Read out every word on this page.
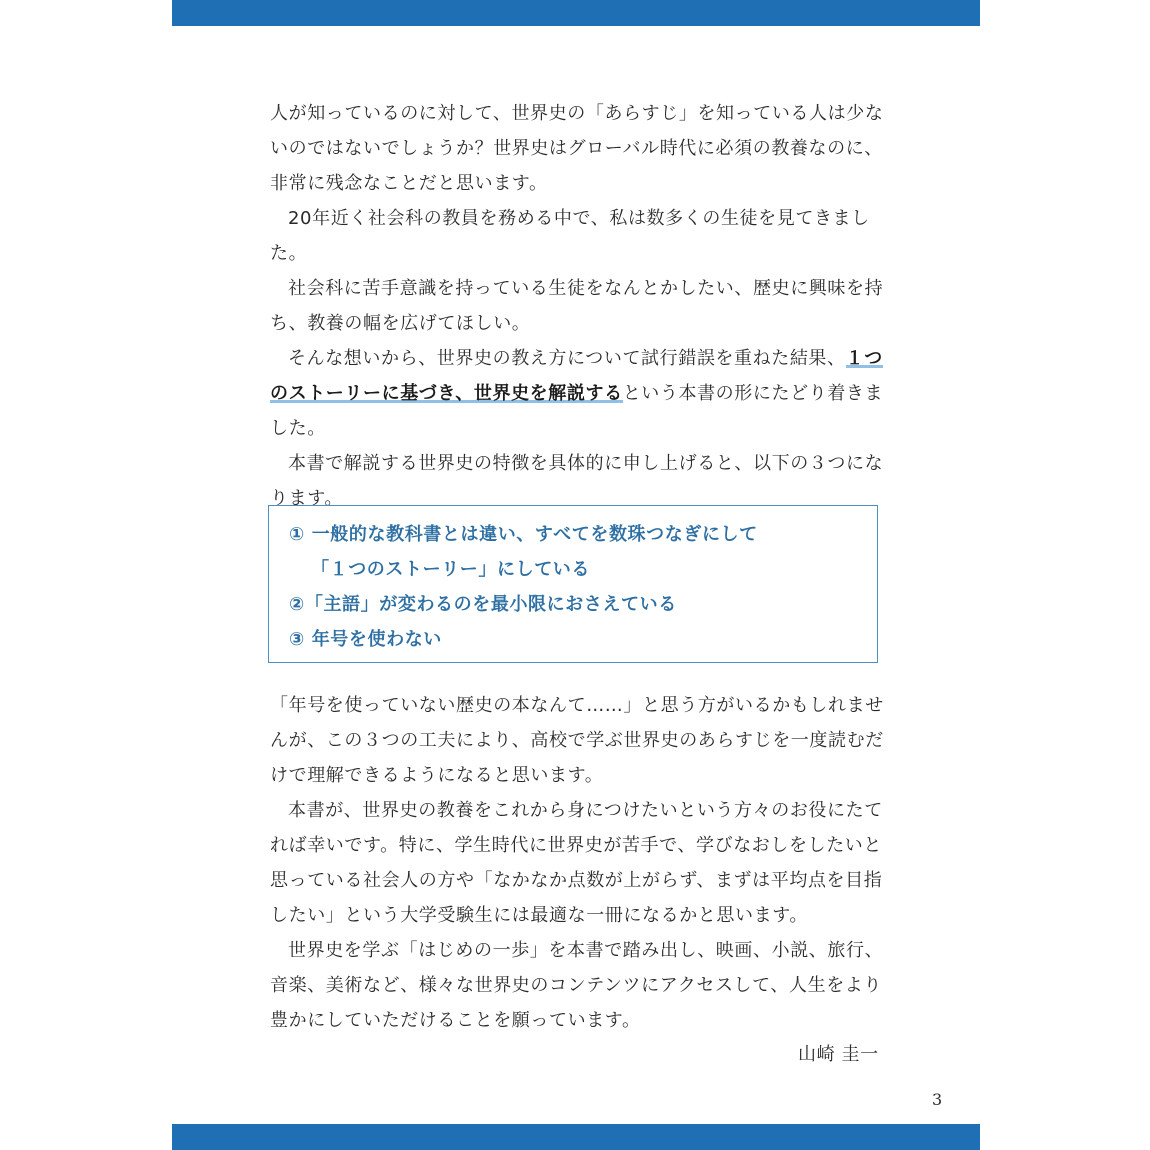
人が知っているのに対して、世界史の「あらすじ」を知っている人は少ないのではないでしょうか？世界史はグローバル時代に必須の教養なのに、非常に残念なことだと思います。

20年近く社会科の教員を務める中で、私は数多くの生徒を見てきました。

社会科に苦手意識を持っている生徒をなんとかしたい、歴史に興味を持ち、教養の幅を広げてほしい。

そんな想いから、世界史の教え方について試行錯誤を重ねた結果、１つのストーリーに基づき、世界史を解説するという本書の形にたどり着きました。

本書で解説する世界史の特徴を具体的に申し上げると、以下の３つになります。

① 一般的な教科書とは違い、すべてを数珠つなぎにして
「１つのストーリー」にしている
②「主語」が変わるのを最小限におさえている
③ 年号を使わない

「年号を使っていない歴史の本なんて……」と思う方がいるかもしれませんが、この３つの工夫により、高校で学ぶ世界史のあらすじを一度読むだけで理解できるようになると思います。

本書が、世界史の教養をこれから身につけたいという方々のお役にたてれば幸いです。特に、学生時代に世界史が苦手で、学びなおしをしたいと思っている社会人の方や「なかなか点数が上がらず、まずは平均点を目指したい」という大学受験生には最適な一冊になるかと思います。

世界史を学ぶ「はじめの一歩」を本書で踏み出し、映画、小説、旅行、音楽、美術など、様々な世界史のコンテンツにアクセスして、人生をより豊かにしていただけることを願っています。

山崎 圭一
3
